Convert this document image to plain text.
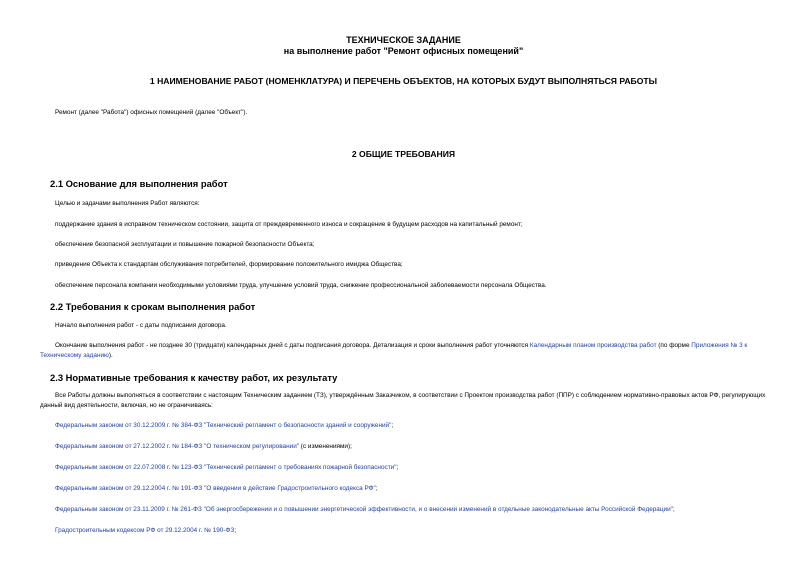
ТЕХНИЧЕСКОЕ ЗАДАНИЕ
на выполнение работ "Ремонт офисных помещений"
1 НАИМЕНОВАНИЕ РАБОТ (НОМЕНКЛАТУРА) И ПЕРЕЧЕНЬ ОБЪЕКТОВ, НА КОТОРЫХ БУДУТ ВЫПОЛНЯТЬСЯ РАБОТЫ
Ремонт (далее "Работа") офисных помещений (далее "Объект").
2 ОБЩИЕ ТРЕБОВАНИЯ
2.1 Основание для выполнения работ
Целью и задачами выполнения Работ являются:
поддержание здания в исправном техническом состоянии, защита от преждевременного износа и сокращение в будущем расходов на капитальный ремонт;
обеспечение безопасной эксплуатации и повышение пожарной безопасности Объекта;
приведение Объекта к стандартам обслуживания потребителей, формирование положительного имиджа Общества;
обеспечение персонала компании необходимыми условиями труда, улучшение условий труда, снижение профессиональной заболеваемости персонала Общества.
2.2 Требования к срокам выполнения работ
Начало выполнения работ - с даты подписания договора.
Окончание выполнения работ - не позднее 30 (тридцати) календарных дней с даты подписания договора. Детализация и сроки выполнения работ уточняются Календарным планом производства работ (по форме Приложения № 3 к Техническому заданию).
2.3 Нормативные требования к качеству работ, их результату
Все Работы должны выполняться в соответствии с настоящим Техническим заданием (ТЗ), утверждённым Заказчиком, в соответствии с Проектом производства работ (ППР) с соблюдением нормативно-правовых актов РФ, регулирующих данный вид деятельности, включая, но не ограничиваясь:
Федеральным законом от 30.12.2009 г. № 384-ФЗ "Технический регламент о безопасности зданий и сооружений";
Федеральным законом от 27.12.2002 г. № 184-ФЗ "О техническом регулировании" (с изменениями);
Федеральным законом от 22.07.2008 г. № 123-ФЗ "Технический регламент о требованиях пожарной безопасности";
Федеральным законом от 29.12.2004 г. № 191-ФЗ "О введении в действие Градостроительного кодекса РФ";
Федеральным законом от 23.11.2009 г. № 261-ФЗ "Об энергосбережении и о повышении энергетической эффективности, и о внесении изменений в отдельные законодательные акты Российской Федерации";
Градостроительным кодексом РФ от 29.12.2004 г. № 190-ФЗ;
